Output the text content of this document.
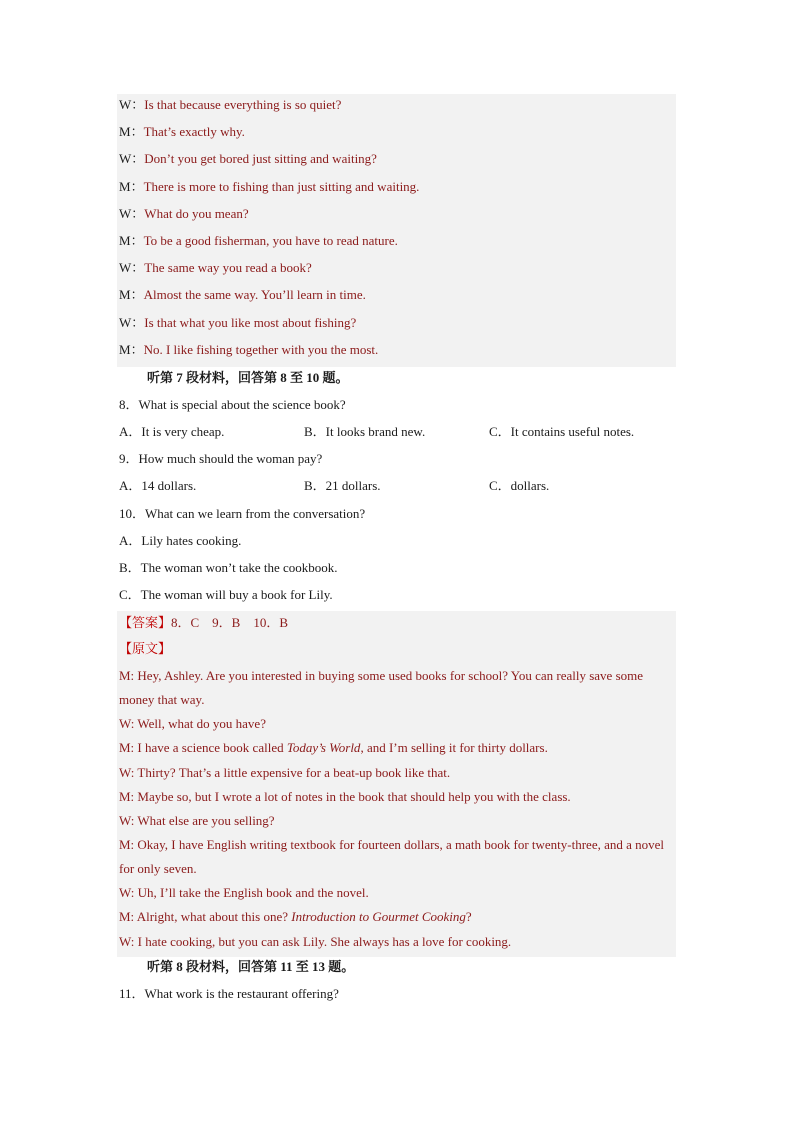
W：Is that because everything is so quiet?
M：That’s exactly why.
W：Don’t you get bored just sitting and waiting?
M：There is more to fishing than just sitting and waiting.
W：What do you mean?
M：To be a good fisherman, you have to read nature.
W：The same way you read a book?
M：Almost the same way. You’ll learn in time.
W：Is that what you like most about fishing?
M：No. I like fishing together with you the most.
听第 7 段材料，回答第 8 至 10 题。
8．What is special about the science book?
A．It is very cheap.	B．It looks brand new.	C．It contains useful notes.
9．How much should the woman pay?
A．14 dollars.	B．21 dollars.	C．dollars.
10．What can we learn from the conversation?
A．Lily hates cooking.
B．The woman won’t take the cookbook.
C．The woman will buy a book for Lily.
【答案】8．C　9．B　10．B
【原文】
M: Hey, Ashley. Are you interested in buying some used books for school? You can really save some money that way.
W: Well, what do you have?
M: I have a science book called Today’s World, and I’m selling it for thirty dollars.
W: Thirty? That’s a little expensive for a beat-up book like that.
M: Maybe so, but I wrote a lot of notes in the book that should help you with the class.
W: What else are you selling?
M: Okay, I have English writing textbook for fourteen dollars, a math book for twenty-three, and a novel for only seven.
W: Uh, I’ll take the English book and the novel.
M: Alright, what about this one? Introduction to Gourmet Cooking?
W: I hate cooking, but you can ask Lily. She always has a love for cooking.
听第 8 段材料，回答第 11 至 13 题。
11．What work is the restaurant offering?
